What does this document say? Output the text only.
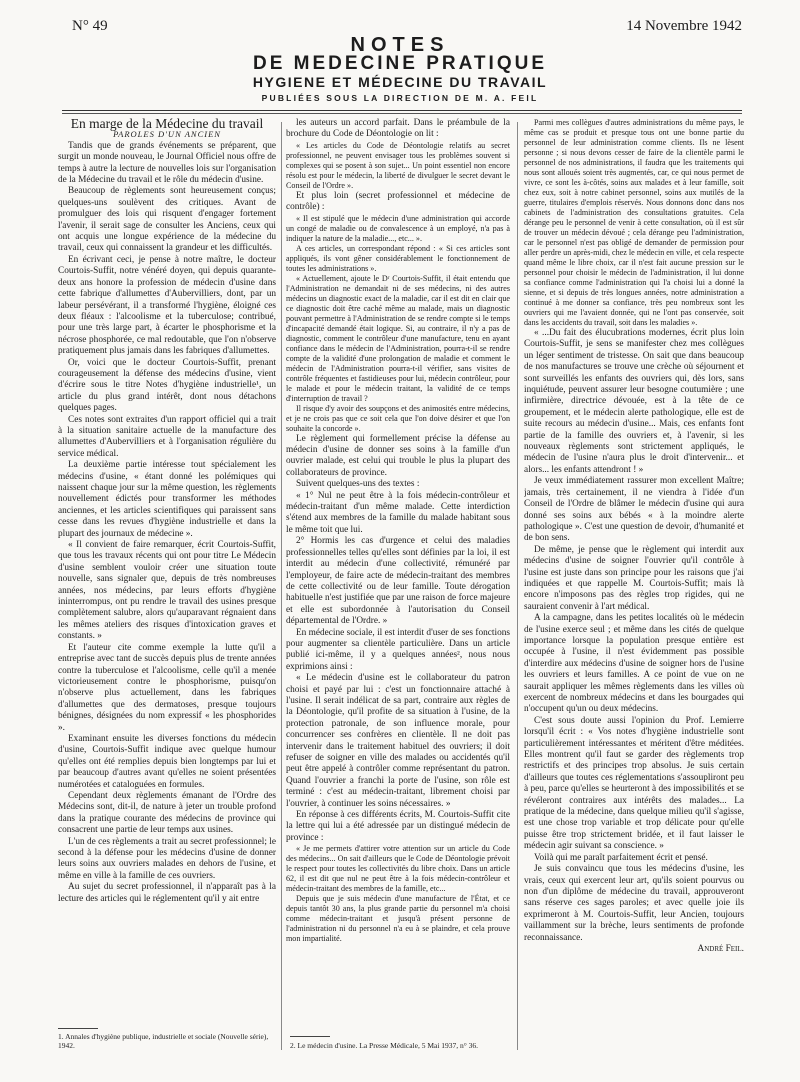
N° 49	14 Novembre 1942
NOTES
DE MEDECINE PRATIQUE
HYGIENE ET MÉDECINE DU TRAVAIL
PUBLIÉES SOUS LA DIRECTION DE M. A. FEIL

En marge de la Médecine du travail

PAROLES D'UN ANCIEN

Tandis que de grands événements se préparent, que surgit un monde nouveau, le Journal Officiel nous offre de temps à autre la lecture de nouvelles lois sur l'organisation de la Médecine du travail et le rôle du médecin d'usine.

Beaucoup de règlements sont heureusement conçus; quelques-uns soulèvent des critiques. Avant de promulguer des lois qui risquent d'engager fortement l'avenir, il serait sage de consulter les Anciens, ceux qui ont acquis une longue expérience de la médecine du travail, ceux qui connaissent la grandeur et les difficultés.

En écrivant ceci, je pense à notre maître, le docteur Courtois-Suffit, notre vénéré doyen, qui depuis quarante-deux ans honore la profession de médecin d'usine dans cette fabrique d'allumettes d'Aubervilliers, dont, par un labeur persévérant, il a transformé l'hygiène, éloigné ces deux fléaux : l'alcoolisme et la tuberculose; contribué, pour une très large part, à écarter le phosphorisme et la nécrose phosphorée, ce mal redoutable, que l'on n'observe pratiquement plus jamais dans les fabriques d'allumettes.

Or, voici que le docteur Courtois-Suffit, prenant courageusement la défense des médecins d'usine, vient d'écrire sous le titre Notes d'hygiène industrielle¹, un article du plus grand intérêt, dont nous détachons quelques pages.

Ces notes sont extraites d'un rapport officiel qui a trait à la situation sanitaire actuelle de la manufacture des allumettes d'Aubervilliers et à l'organisation régulière du service médical.

La deuxième partie intéresse tout spécialement les médecins d'usine, « étant donné les polémiques qui naissent chaque jour sur la même question, les règlements nouvellement édictés pour transformer les méthodes anciennes, et les articles scientifiques qui paraissent sans cesse dans les revues d'hygiène industrielle et dans la plupart des journaux de médecine ».

« Il convient de faire remarquer, écrit Courtois-Suffit, que tous les travaux récents qui ont pour titre Le Médecin d'usine semblent vouloir créer une situation toute nouvelle, sans signaler que, depuis de très nombreuses années, nos médecins, par leurs efforts d'hygiène ininterrompus, ont pu rendre le travail des usines presque complètement salubre, alors qu'auparavant régnaient dans les mêmes ateliers des risques d'intoxication graves et constants. »

Et l'auteur cite comme exemple la lutte qu'il a entreprise avec tant de succès depuis plus de trente années contre la tuberculose et l'alcoolisme, celle qu'il a menée victorieusement contre le phosphorisme, puisqu'on n'observe plus actuellement, dans les fabriques d'allumettes que des dermatoses, presque toujours bénignes, désignées du nom expressif « les phosphorides ».

Examinant ensuite les diverses fonctions du médecin d'usine, Courtois-Suffit indique avec quelque humour qu'elles ont été remplies depuis bien longtemps par lui et par beaucoup d'autres avant qu'elles ne soient présentées numérotées et cataloguées en formules.

Cependant deux règlements émanant de l'Ordre des Médecins sont, dit-il, de nature à jeter un trouble profond dans la pratique courante des médecins de province qui consacrent une partie de leur temps aux usines.

L'un de ces règlements a trait au secret professionnel; le second à la défense pour les médecins d'usine de donner leurs soins aux ouvriers malades en dehors de l'usine, et même en ville à la famille de ces ouvriers.

Au sujet du secret professionnel, il n'apparaît pas à la lecture des articles qui le réglementent qu'il y ait entre

les auteurs un accord parfait. Dans le préambule de la brochure du Code de Déontologie on lit :

« Les articles du Code de Déontologie relatifs au secret professionnel, ne peuvent envisager tous les problèmes souvent si complexes qui se posent à son sujet... Un point essentiel non encore résolu est pour le médecin, la liberté de divulguer le secret devant le Conseil de l'Ordre ».

Et plus loin (secret professionnel et médecine de contrôle) :

« Il est stipulé que le médecin d'une administration qui accorde un congé de maladie ou de convalescence à un employé, n'a pas à indiquer la nature de la maladie..., etc... ».

A ces articles, un correspondant répond : « Si ces articles sont appliqués, ils vont gêner considérablement le fonctionnement de toutes les administrations ».

« Actuellement, ajoute le Dʳ Courtois-Suffit, il était entendu que l'Administration ne demandait ni de ses médecins, ni des autres médecins un diagnostic exact de la maladie, car il est dit en clair que ce diagnostic doit être caché même au malade, mais un diagnostic pouvant permettre à l'Administration de se rendre compte si le temps d'incapacité demandé était logique. Si, au contraire, il n'y a pas de diagnostic, comment le contrôleur d'une manufacture, tenu en ayant confiance dans le médecin de l'Administration, pourra-t-il se rendre compte de la validité d'une prolongation de maladie et comment le médecin de l'Administration pourra-t-il vérifier, sans visites de contrôle fréquentes et fastidieuses pour lui, médecin contrôleur, pour le malade et pour le médecin traitant, la validité de ce temps d'interruption de travail ?

Il risque d'y avoir des soupçons et des animosités entre médecins, et je ne crois pas que ce soit cela que l'on doive désirer et que l'on souhaite la concorde ».

Le règlement qui formellement précise la défense au médecin d'usine de donner ses soins à la famille d'un ouvrier malade, est celui qui trouble le plus la plupart des collaborateurs de province.

Suivent quelques-uns des textes :

« 1° Nul ne peut être à la fois médecin-contrôleur et médecin-traitant d'un même malade. Cette interdiction s'étend aux membres de la famille du malade habitant sous le même toit que lui.

2° Hormis les cas d'urgence et celui des maladies professionnelles telles qu'elles sont définies par la loi, il est interdit au médecin d'une collectivité, rémunéré par l'employeur, de faire acte de médecin-traitant des membres de cette collectivité ou de leur famille. Toute dérogation habituelle n'est justifiée que par une raison de force majeure et elle est subordonnée à l'autorisation du Conseil départemental de l'Ordre. »

En médecine sociale, il est interdit d'user de ses fonctions pour augmenter sa clientèle particulière. Dans un article publié ici-même, il y a quelques années², nous nous exprimions ainsi :

« Le médecin d'usine est le collaborateur du patron choisi et payé par lui : c'est un fonctionnaire attaché à l'usine. Il serait indélicat de sa part, contraire aux règles de la Déontologie, qu'il profite de sa situation à l'usine, de la protection patronale, de son influence morale, pour concurrencer ses confrères en clientèle. Il ne doit pas intervenir dans le traitement habituel des ouvriers; il doit refuser de soigner en ville des malades ou accidentés qu'il peut être appelé à contrôler comme représentant du patron. Quand l'ouvrier a franchi la porte de l'usine, son rôle est terminé : c'est au médecin-traitant, librement choisi par l'ouvrier, à continuer les soins nécessaires. »

En réponse à ces différents écrits, M. Courtois-Suffit cite la lettre qui lui a été adressée par un distingué médecin de province :

« Je me permets d'attirer votre attention sur un article du Code des médecins... On sait d'ailleurs que le Code de Déontologie prévoit le respect pour toutes les collectivités du libre choix. Dans un article 62, il est dit que nul ne peut être à la fois médecin-contrôleur et médecin-traitant des membres de la famille, etc...

Depuis que je suis médecin d'une manufacture de l'État, et ce depuis tantôt 30 ans, la plus grande partie du personnel m'a choisi comme médecin-traitant et jusqu'à présent personne de l'administration ni du personnel n'a eu à se plaindre, et cela prouve mon impartialité.

Parmi mes collègues d'autres administrations du même pays, le même cas se produit et presque tous ont une bonne partie du personnel de leur administration comme clients. Ils ne lèsent personne ; si nous devons cesser de faire de la clientèle parmi le personnel de nos administrations, il faudra que les traitements qui nous sont alloués soient très augmentés, car, ce qui nous permet de vivre, ce sont les à-côtés, soins aux malades et à leur famille, soit chez eux, soit à notre cabinet personnel, soins aux mutilés de la guerre, titulaires d'emplois réservés. Nous donnons donc dans nos cabinets de l'administration des consultations gratuites. Cela dérange peu le personnel de venir à cette consultation, où il est sûr de trouver un médecin dévoué ; cela dérange peu l'administration, car le personnel n'est pas obligé de demander de permission pour aller perdre un après-midi, chez le médecin en ville, et cela respecte quand même le libre choix, car il n'est fait aucune pression sur le personnel pour choisir le médecin de l'administration, il lui donne sa confiance comme l'administration qui l'a choisi lui a donné la sienne, et si depuis de très longues années, notre administration a continué à me donner sa confiance, très peu nombreux sont les ouvriers qui me l'avaient donnée, qui ne l'ont pas conservée, soit dans les accidents du travail, soit dans les maladies ».

« ...Du fait des élucubrations modernes, écrit plus loin Courtois-Suffit, je sens se manifester chez mes collègues un léger sentiment de tristesse. On sait que dans beaucoup de nos manufactures se trouve une crèche où séjournent et sont surveillés les enfants des ouvriers qui, dès lors, sans inquiétude, peuvent assurer leur besogne coutumière ; une infirmière, directrice dévouée, est à la tête de ce groupement, et le médecin alerte pathologique, elle est de suite recours au médecin d'usine... Mais, ces enfants font partie de la famille des ouvriers et, à l'avenir, si les nouveaux règlements sont strictement appliqués, le médecin de l'usine n'aura plus le droit d'intervenir... et alors... les enfants attendront ! »

Je veux immédiatement rassurer mon excellent Maître; jamais, très certainement, il ne viendra à l'idée d'un Conseil de l'Ordre de blâmer le médecin d'usine qui aura donné ses soins aux bébés « à la moindre alerte pathologique ». C'est une question de devoir, d'humanité et de bon sens.

De même, je pense que le règlement qui interdit aux médecins d'usine de soigner l'ouvrier qu'il contrôle à l'usine est juste dans son principe pour les raisons que j'ai indiquées et que rappelle M. Courtois-Suffit; mais là encore n'imposons pas des règles trop rigides, qui ne sauraient convenir à l'art médical.

A la campagne, dans les petites localités où le médecin de l'usine exerce seul ; et même dans les cités de quelque importance lorsque la population presque entière est occupée à l'usine, il n'est évidemment pas possible d'interdire aux médecins d'usine de soigner hors de l'usine les ouvriers et leurs familles. A ce point de vue on ne saurait appliquer les mêmes règlements dans les villes où exercent de nombreux médecins et dans les bourgades qui n'occupent qu'un ou deux médecins.

C'est sous doute aussi l'opinion du Prof. Lemierre lorsqu'il écrit : « Vos notes d'hygiène industrielle sont particulièrement intéressantes et méritent d'être méditées. Elles montrent qu'il faut se garder des règlements trop restrictifs et des principes trop absolus. Je suis certain d'ailleurs que toutes ces réglementations s'assoupliront peu à peu, parce qu'elles se heurteront à des impossibilités et se révéleront contraires aux intérêts des malades... La pratique de la médecine, dans quelque milieu qu'il s'agisse, est une chose trop variable et trop délicate pour qu'elle puisse être trop strictement bridée, et il faut laisser le médecin agir suivant sa conscience. »

Voilà qui me paraît parfaitement écrit et pensé.

Je suis convaincu que tous les médecins d'usine, les vrais, ceux qui exercent leur art, qu'ils soient pourvus ou non d'un diplôme de médecine du travail, approuveront sans réserve ces sages paroles; et avec quelle joie ils exprimeront à M. Courtois-Suffit, leur Ancien, toujours vaillamment sur la brèche, leurs sentiments de profonde reconnaissance.

André Feil.

1. Annales d'hygiène publique, industrielle et sociale (Nouvelle série), 1942.	2. Le médecin d'usine. La Presse Médicale, 5 Mai 1937, n° 36.
